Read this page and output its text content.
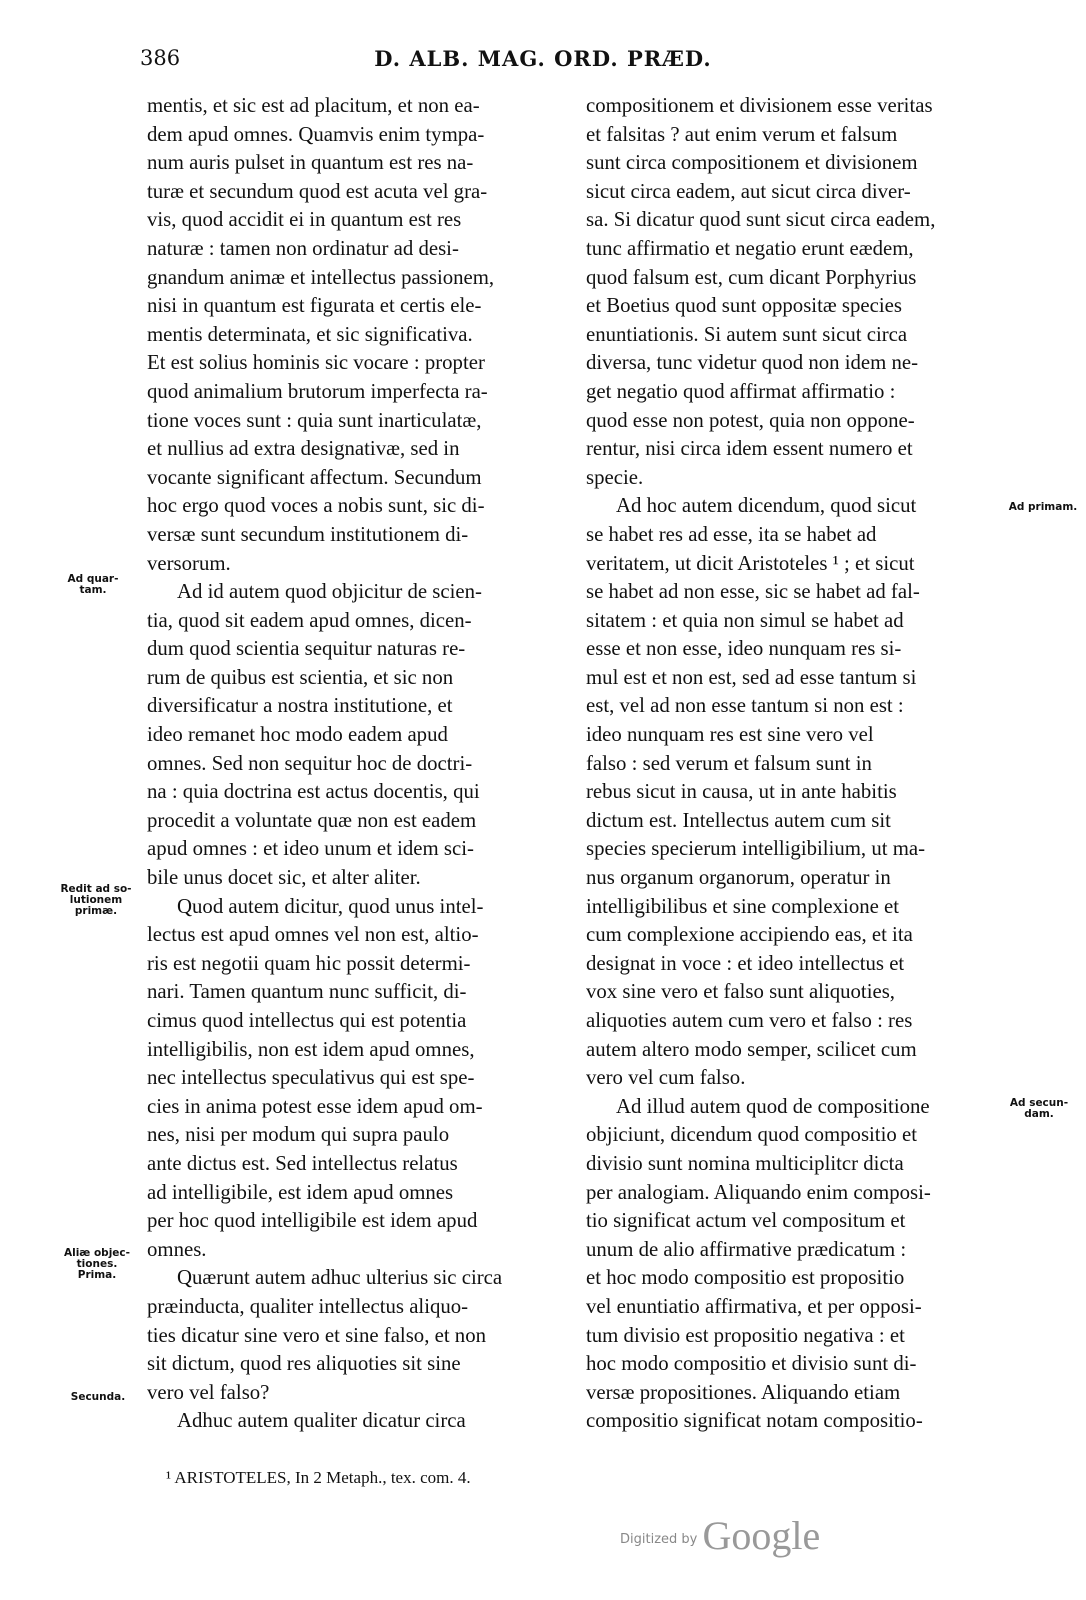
386	D. ALB. MAG. ORD. PRÆD.
mentis, et sic est ad placitum, et non ea-
dem apud omnes. Quamvis enim tympa-
num auris pulset in quantum est res na-
turæ et secundum quod est acuta vel gra-
vis, quod accidit ei in quantum est res
naturæ : tamen non ordinatur ad desi-
gnandum animæ et intellectus passionem,
nisi in quantum est figurata et certis ele-
mentis determinata, et sic significativa.
Et est solius hominis sic vocare : propter
quod animalium brutorum imperfecta ra-
tione voces sunt : quia sunt inarticulatæ,
et nullius ad extra designativæ, sed in
vocante significant affectum. Secundum
hoc ergo quod voces a nobis sunt, sic di-
versæ sunt secundum institutionem di-
versorum.
Ad id autem quod objicitur de scien-
tia, quod sit eadem apud omnes, dicen-
dum quod scientia sequitur naturas re-
rum de quibus est scientia, et sic non
diversificatur a nostra institutione, et
ideo remanet hoc modo eadem apud
omnes. Sed non sequitur hoc de doctri-
na : quia doctrina est actus docentis, qui
procedit a voluntate quæ non est eadem
apud omnes : et ideo unum et idem sci-
bile unus docet sic, et alter aliter.
Quod autem dicitur, quod unus intel-
lectus est apud omnes vel non est, altio-
ris est negotii quam hic possit determi-
nari. Tamen quantum nunc sufficit, di-
cimus quod intellectus qui est potentia
intelligibilis, non est idem apud omnes,
nec intellectus speculativus qui est spe-
cies in anima potest esse idem apud om-
nes, nisi per modum qui supra paulo
ante dictus est. Sed intellectus relatus
ad intelligibile, est idem apud omnes
per hoc quod intelligibile est idem apud
omnes.
Quærunt autem adhuc ulterius sic circa
præinducta, qualiter intellectus aliquo-
ties dicatur sine vero et sine falso, et non
sit dictum, quod res aliquoties sit sine
vero vel falso?
Adhuc autem qualiter dicatur circa
compositionem et divisionem esse veritas
et falsitas ? aut enim verum et falsum
sunt circa compositionem et divisionem
sicut circa eadem, aut sicut circa diver-
sa. Si dicatur quod sunt sicut circa eadem,
tunc affirmatio et negatio erunt eædem,
quod falsum est, cum dicant Porphyrius
et Boetius quod sunt oppositæ species
enuntiationis. Si autem sunt sicut circa
diversa, tunc videtur quod non idem ne-
get negatio quod affirmat affirmatio :
quod esse non potest, quia non oppone-
rentur, nisi circa idem essent numero et
specie.
Ad hoc autem dicendum, quod sicut
se habet res ad esse, ita se habet ad
veritatem, ut dicit Aristoteles ¹ ; et sicut
se habet ad non esse, sic se habet ad fal-
sitatem : et quia non simul se habet ad
esse et non esse, ideo nunquam res si-
mul est et non est, sed ad esse tantum si
est, vel ad non esse tantum si non est :
ideo nunquam res est sine vero vel
falso : sed verum et falsum sunt in
rebus sicut in causa, ut in ante habitis
dictum est. Intellectus autem cum sit
species specierum intelligibilium, ut ma-
nus organum organorum, operatur in
intelligibilibus et sine complexione et
cum complexione accipiendo eas, et ita
designat in voce : et ideo intellectus et
vox sine vero et falso sunt aliquoties,
aliquoties autem cum vero et falso : res
autem altero modo semper, scilicet cum
vero vel cum falso.
Ad illud autem quod de compositione
objiciunt, dicendum quod compositio et
divisio sunt nomina multiciplitcr dicta
per analogiam. Aliquando enim composi-
tio significat actum vel compositum et
unum de alio affirmative prædicatum :
et hoc modo compositio est propositio
vel enuntiatio affirmativa, et per opposi-
tum divisio est propositio negativa : et
hoc modo compositio et divisio sunt di-
versæ propositiones. Aliquando etiam
compositio significat notam compositio-
Ad quar-
tam.
Redit ad so-
lutionem
primæ.
Aliæ objec-
tiones.
Prima.
Secunda.
Ad primam.
Ad secun-
dam.
¹ ARISTOTELES, In 2 Metaph., tex. com. 4.
$^{Digitized by}$ Google
